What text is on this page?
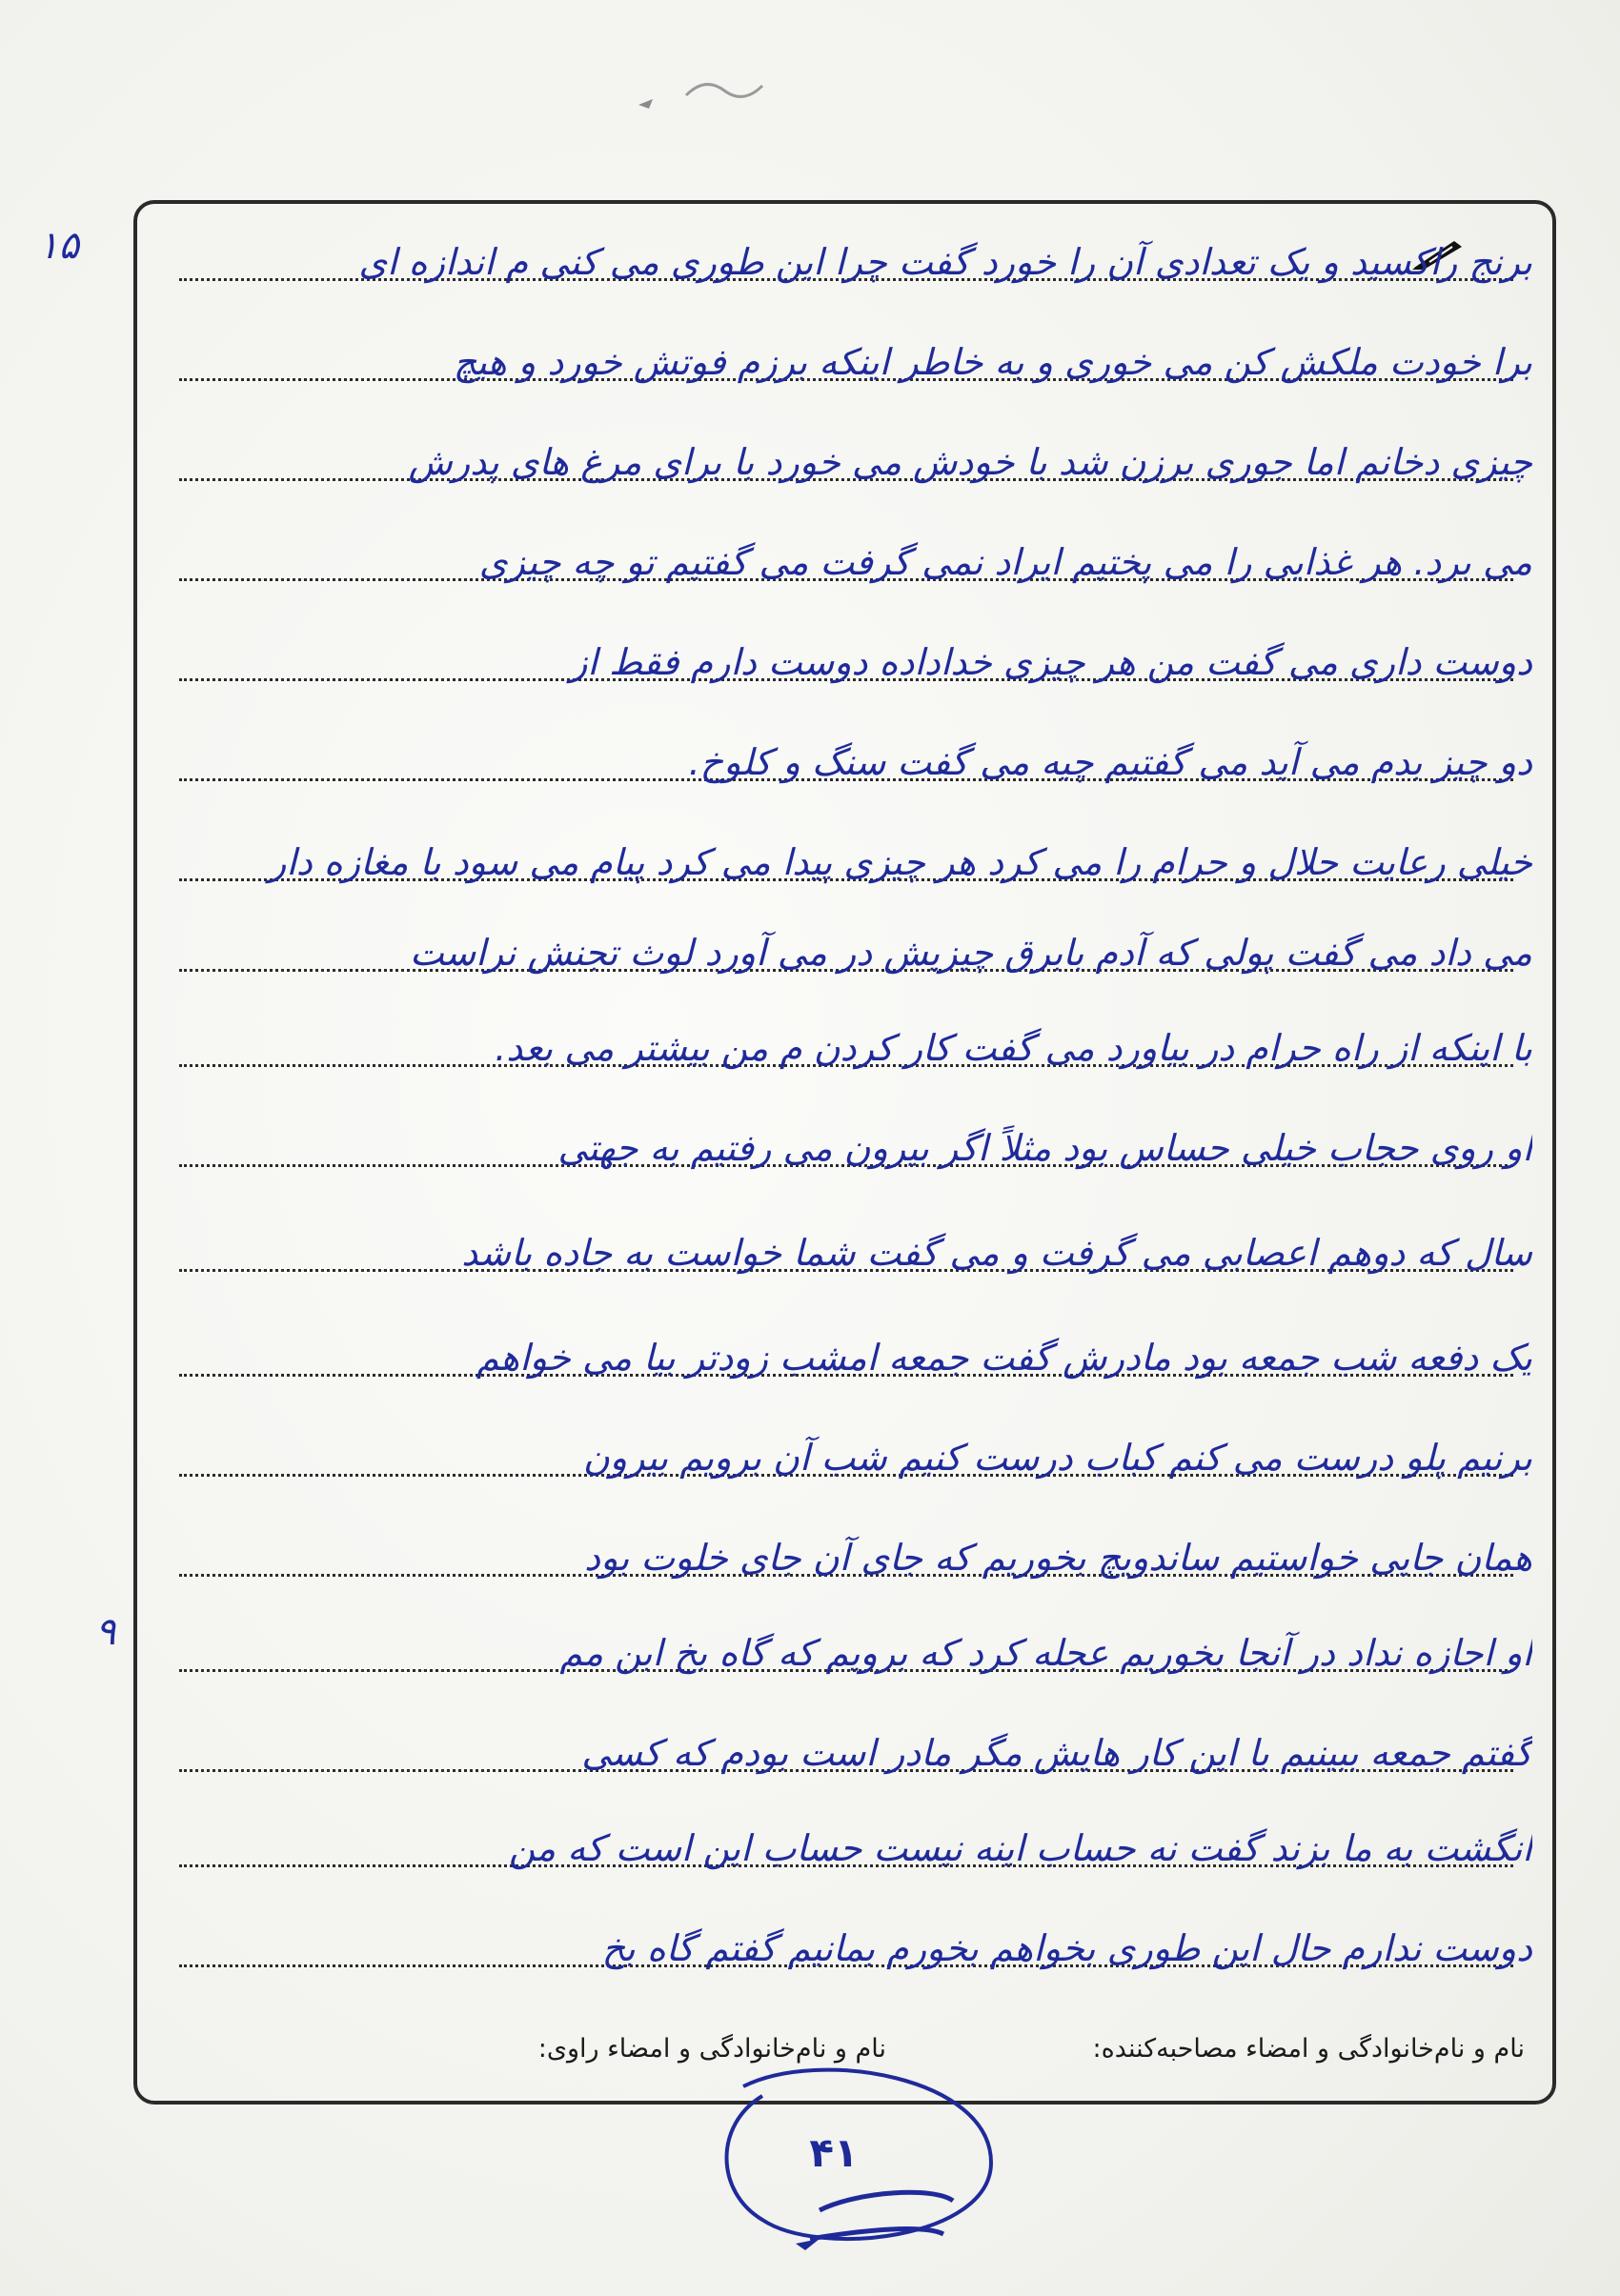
۱۵
۹
برنج راکسید و یک تعدادی آن را خورد گفت چرا این طوری می کنی م اندازه ای
برا خودت ملکش کن می خوری و به خاطر اینکه برزم فوتش خورد و هیچ
چیزی دخانم اما جوری برزن شد با خودش می خورد با برای مرغ های پدرش
می برد. هر غذایی را می پختیم ایراد نمی گرفت می گفتیم تو چه چیزی
دوست داری می گفت من هر چیزی خداداده دوست دارم فقط از
دو چیز بدم می آید می گفتیم چیه می گفت سنگ و کلوخ.
خیلی رعایت حلال و حرام را می کرد هر چیزی پیدا می کرد پیام می سود با مغازه دار
می داد می گفت پولی که آدم بابرق چیزیش در می آورد لوث تجنش نراست
با اینکه از راه حرام در بیاورد می گفت کار کردن م من بیشتر می بعد.
او روی حجاب خیلی حساس بود مثلاً اگر بیرون می رفتیم به جهتی
سال که دوهم اعصابی می گرفت و می گفت شما خواست به جاده باشد
یک دفعه شب جمعه بود مادرش گفت جمعه امشب زودتر بیا می خواهم
برنیم پلو درست می کنم کباب درست کنیم شب آن برویم بیرون
همان جایی خواستیم ساندویچ بخوریم که جای آن جای خلوت بود
او اجازه نداد در آنجا بخوریم عجله کرد که برویم که گاه بخ ابن مم
گفتم جمعه ببینیم با این کار هایش مگر مادر است بودم که کسی
انگشت به ما بزند گفت نه حساب اینه نیست حساب این است که من
دوست ندارم حال این طوری بخواهم بخورم بمانیم گفتم گاه بخ
نام و نام‌خانوادگی و امضاء مصاحبه‌کننده:
نام و نام‌خانوادگی و امضاء راوی:
۴۱
